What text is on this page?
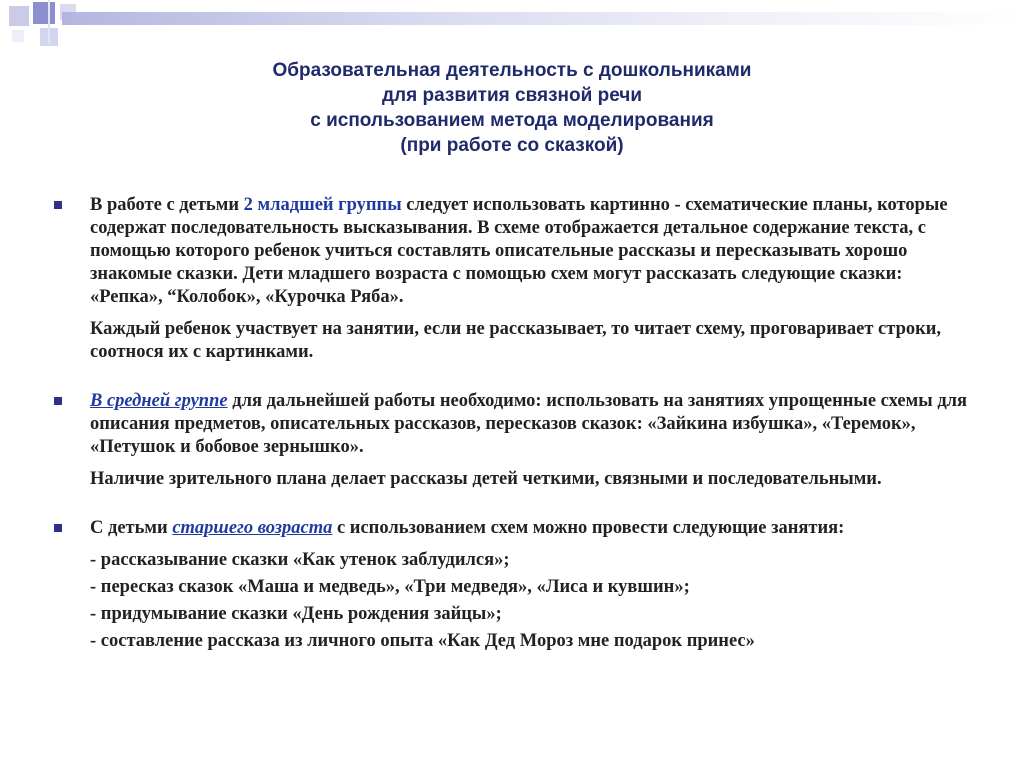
Образовательная деятельность с дошкольниками
для развития связной речи
с использованием метода моделирования
(при работе со сказкой)

В работе с детьми 2 младшей группы следует использовать картинно - схематические планы, которые содержат последовательность высказывания. В схеме отображается детальное содержание текста, с помощью которого ребенок учиться составлять описательные рассказы и пересказывать хорошо знакомые сказки. Дети младшего возраста с помощью схем могут рассказать следующие сказки: «Репка», “Колобок», «Курочка Ряба».

Каждый ребенок участвует на занятии, если не рассказывает, то читает схему, проговаривает строки, соотнося их с картинками.

В средней группе для дальнейшей работы необходимо: использовать на занятиях упрощенные схемы для описания предметов, описательных рассказов, пересказов сказок: «Зайкина избушка», «Теремок», «Петушок и бобовое зернышко».

Наличие зрительного плана делает рассказы детей четкими, связными и последовательными.

С детьми старшего возраста с использованием схем можно провести следующие занятия:

- рассказывание сказки «Как утенок заблудился»;
- пересказ сказок «Маша и медведь», «Три медведя», «Лиса и кувшин»;
- придумывание сказки «День рождения зайцы»;
- составление рассказа из личного опыта «Как Дед Мороз мне подарок принес»
